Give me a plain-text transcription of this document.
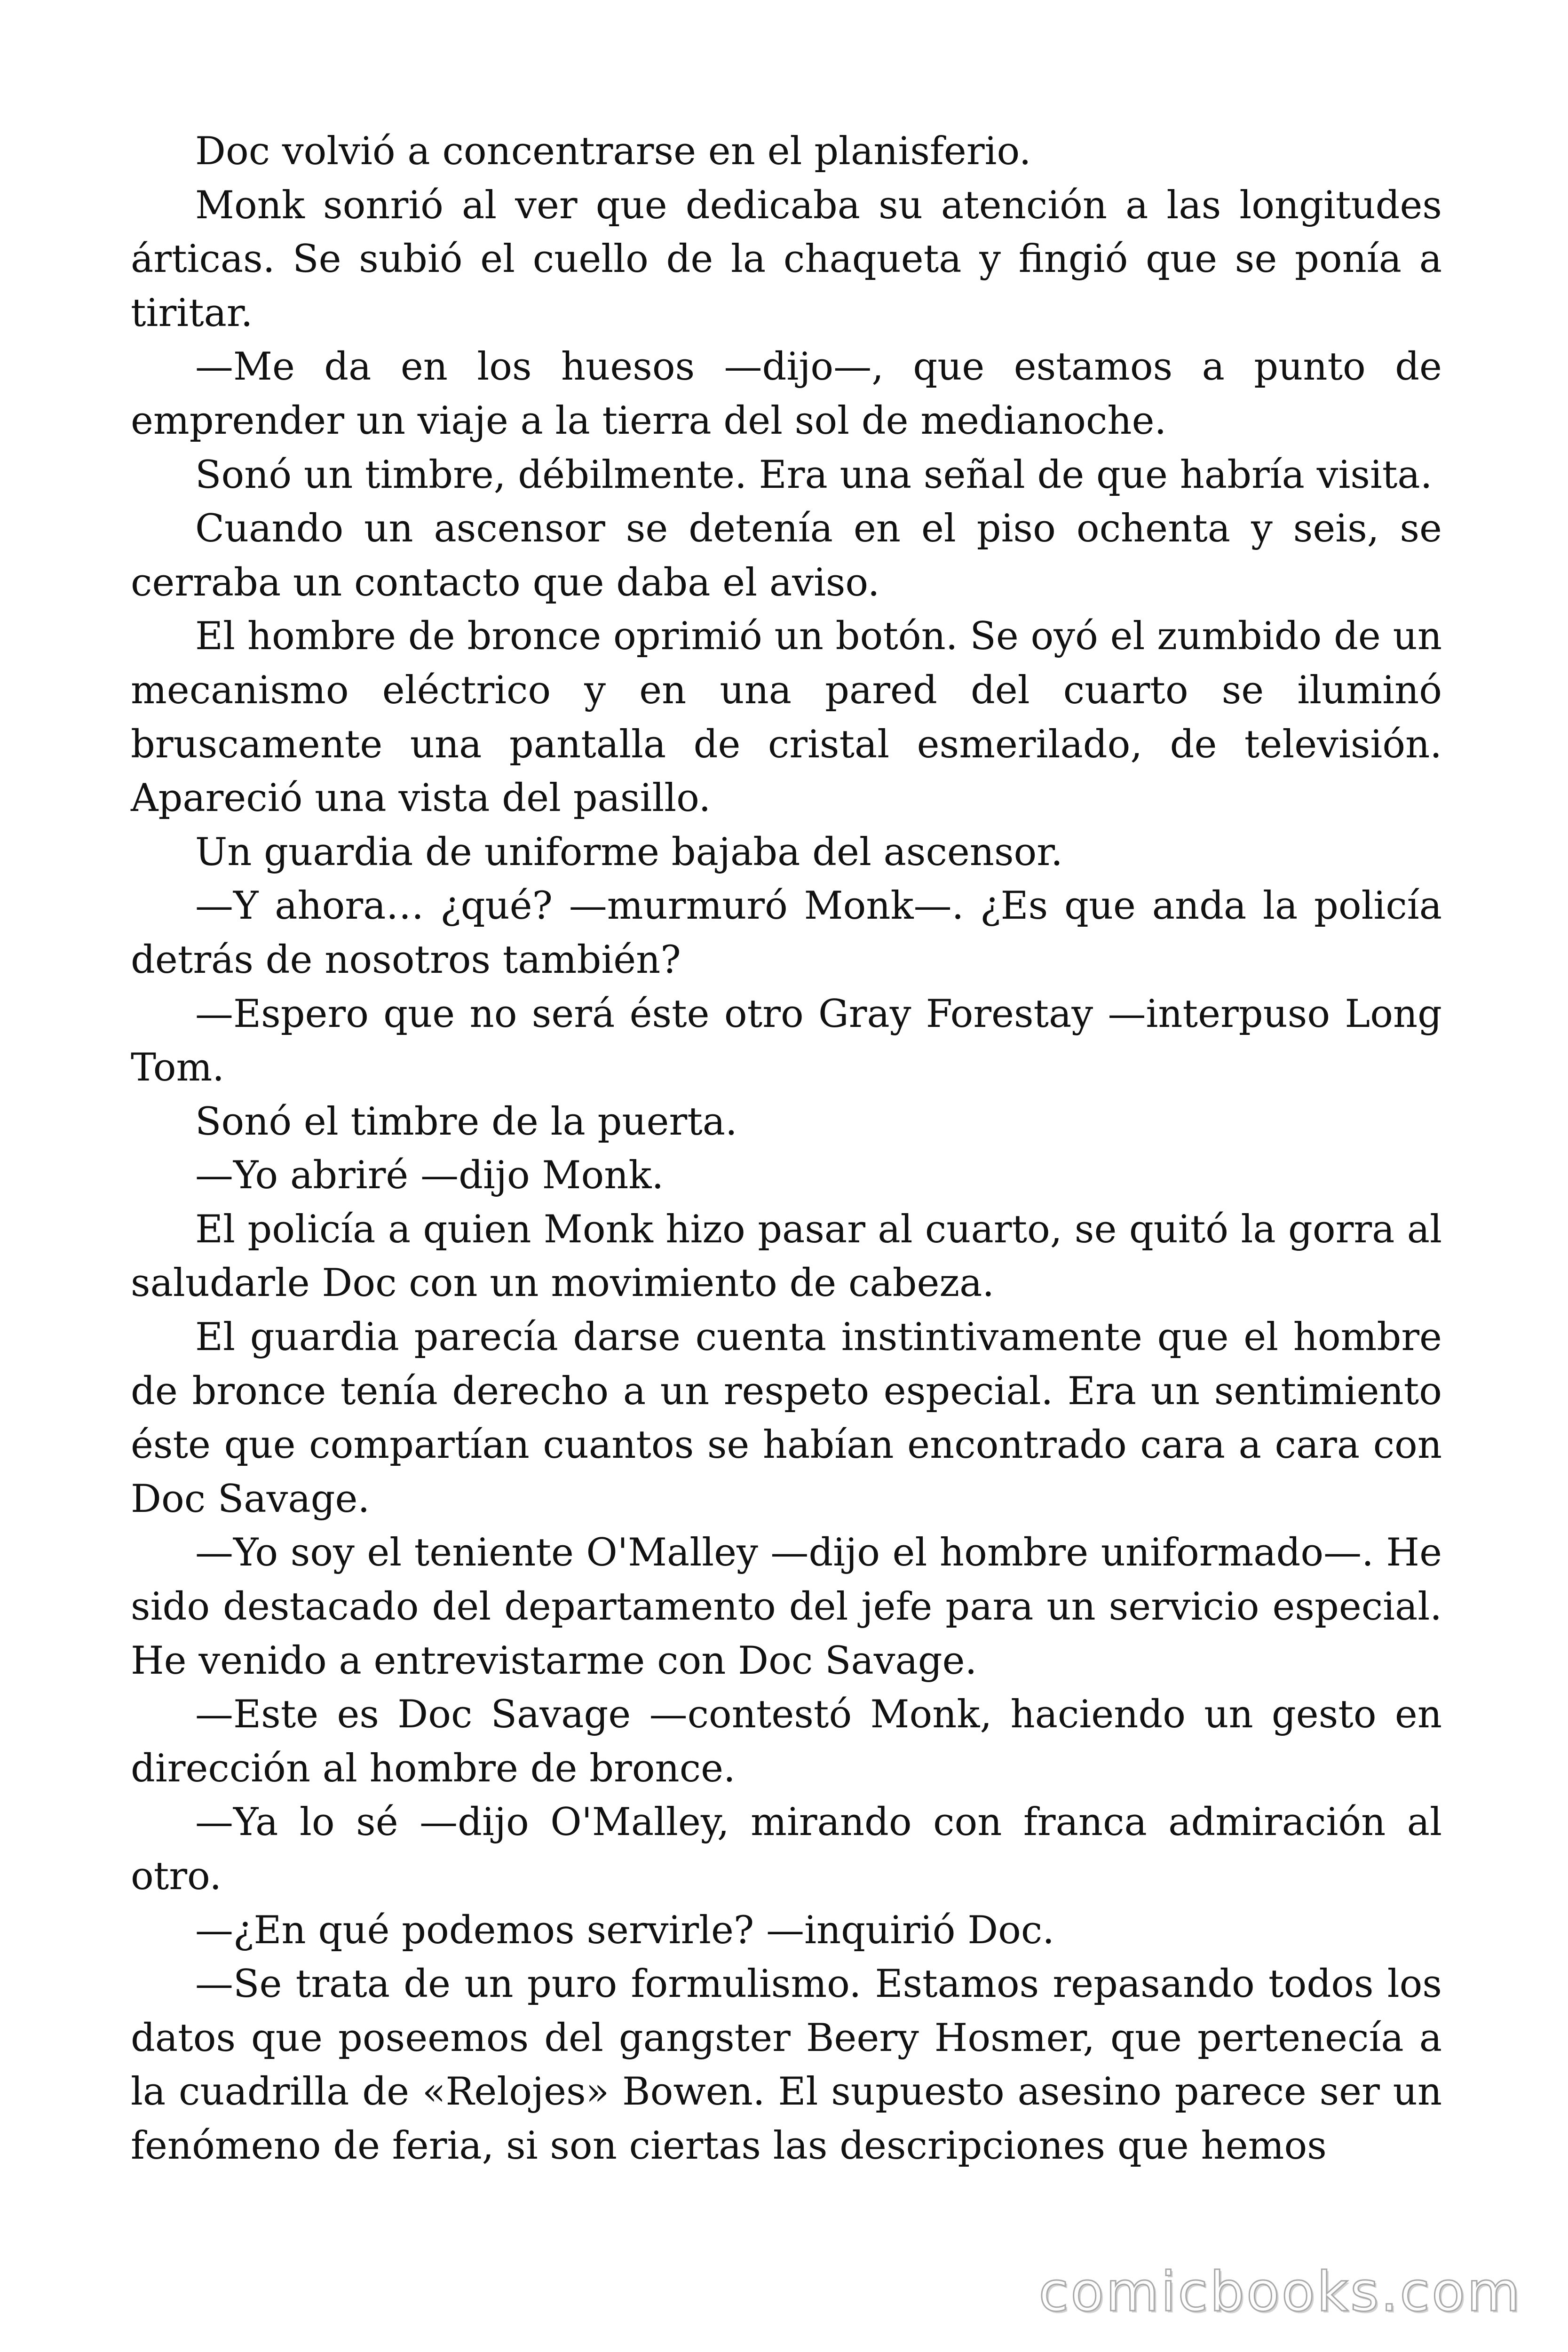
Doc volvió a concentrarse en el planisferio.

Monk sonrió al ver que dedicaba su atención a las longitudes árticas. Se subió el cuello de la chaqueta y fingió que se ponía a tiritar.

—Me da en los huesos —dijo—, que estamos a punto de emprender un viaje a la tierra del sol de medianoche.

Sonó un timbre, débilmente. Era una señal de que habría visita.

Cuando un ascensor se detenía en el piso ochenta y seis, se cerraba un contacto que daba el aviso.

El hombre de bronce oprimió un botón. Se oyó el zumbido de un mecanismo eléctrico y en una pared del cuarto se iluminó bruscamente una pantalla de cristal esmerilado, de televisión. Apareció una vista del pasillo.

Un guardia de uniforme bajaba del ascensor.

—Y ahora… ¿qué? —murmuró Monk—. ¿Es que anda la policía detrás de nosotros también?

—Espero que no será éste otro Gray Forestay —interpuso Long Tom.

Sonó el timbre de la puerta.

—Yo abriré —dijo Monk.

El policía a quien Monk hizo pasar al cuarto, se quitó la gorra al saludarle Doc con un movimiento de cabeza.

El guardia parecía darse cuenta instintivamente que el hombre de bronce tenía derecho a un respeto especial. Era un sentimiento éste que compartían cuantos se habían encontrado cara a cara con Doc Savage.

—Yo soy el teniente O'Malley —dijo el hombre uniformado—. He sido destacado del departamento del jefe para un servicio especial. He venido a entrevistarme con Doc Savage.

—Este es Doc Savage —contestó Monk, haciendo un gesto en dirección al hombre de bronce.

—Ya lo sé —dijo O'Malley, mirando con franca admiración al otro.

—¿En qué podemos servirle? —inquirió Doc.

—Se trata de un puro formulismo. Estamos repasando todos los datos que poseemos del gangster Beery Hosmer, que pertenecía a la cuadrilla de «Relojes» Bowen. El supuesto asesino parece ser un fenómeno de feria, si son ciertas las descripciones que hemos

comicbooks.com
